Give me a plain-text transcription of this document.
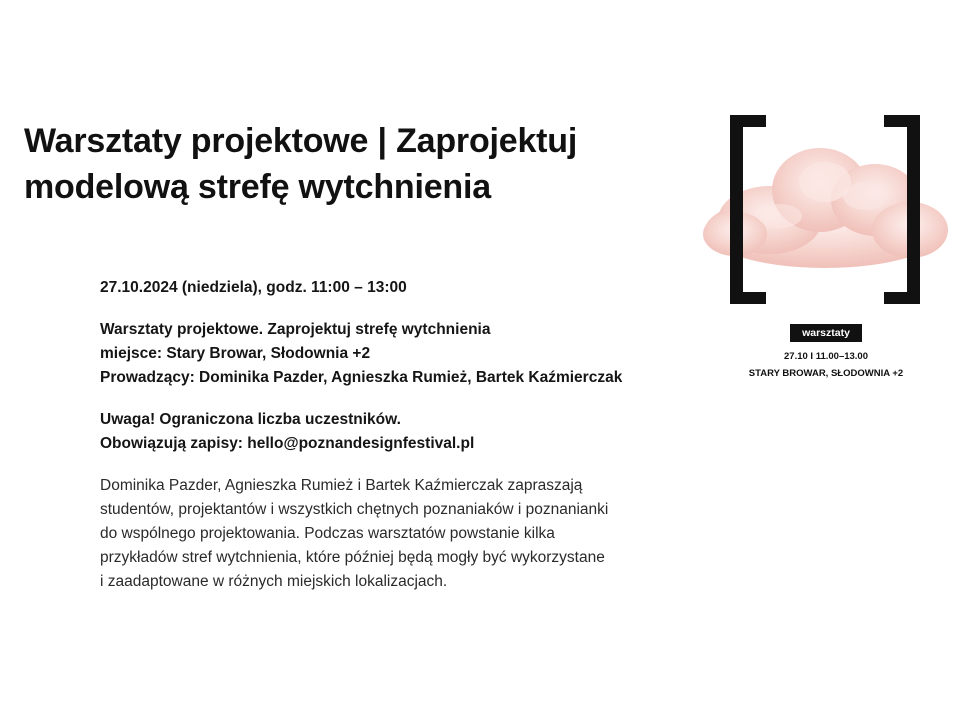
Warsztaty projektowe | Zaprojektuj
modelową strefę wytchnienia

27.10.2024 (niedziela), godz. 11:00 – 13:00

Warsztaty projektowe. Zaprojektuj strefę wytchnienia
miejsce: Stary Browar, Słodownia +2
Prowadzący: Dominika Pazder, Agnieszka Rumież, Bartek Kaźmierczak

Uwaga! Ograniczona liczba uczestników.
Obowiązują zapisy: hello@poznandesignfestival.pl

Dominika Pazder, Agnieszka Rumież i Bartek Kaźmierczak zapraszają
studentów, projektantów i wszystkich chętnych poznaniaków i poznanianki
do wspólnego projektowania. Podczas warsztatów powstanie kilka
przykładów stref wytchnienia, które później będą mogły być wykorzystane
i zaadaptowane w różnych miejskich lokalizacjach.

warsztaty
27.10 I 11.00–13.00
STARY BROWAR, SŁODOWNIA +2
